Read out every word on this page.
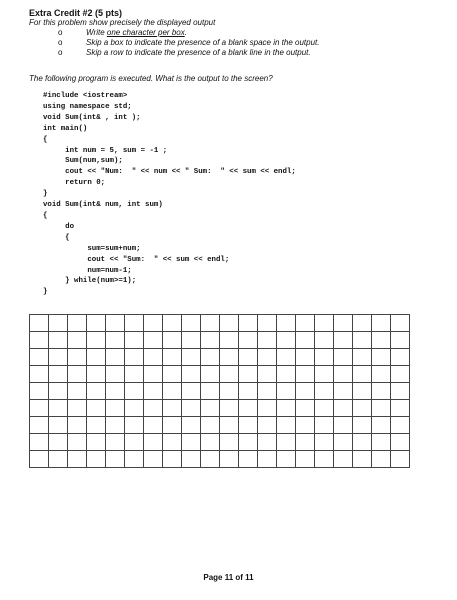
Extra Credit #2 (5 pts)
For this problem show precisely the displayed output
o	Write one character per box.
o	Skip a box to indicate the presence of a blank space in the output.
o	Skip a row to indicate the presence of a blank line in the output.
The following program is executed. What is the output to the screen?
#include <iostream>
using namespace std;
void Sum(int& , int );
int main()
{
int num = 5, sum = -1 ;
Sum(num,sum);
cout << "Num:  " << num << " Sum:  " << sum << endl;
return 0;
}
void Sum(int& num, int sum)
{
do
{
sum=sum+num;
cout << "Sum:  " << sum << endl;
num=num-1;
} while(num>=1);
}

Page 11 of 11
